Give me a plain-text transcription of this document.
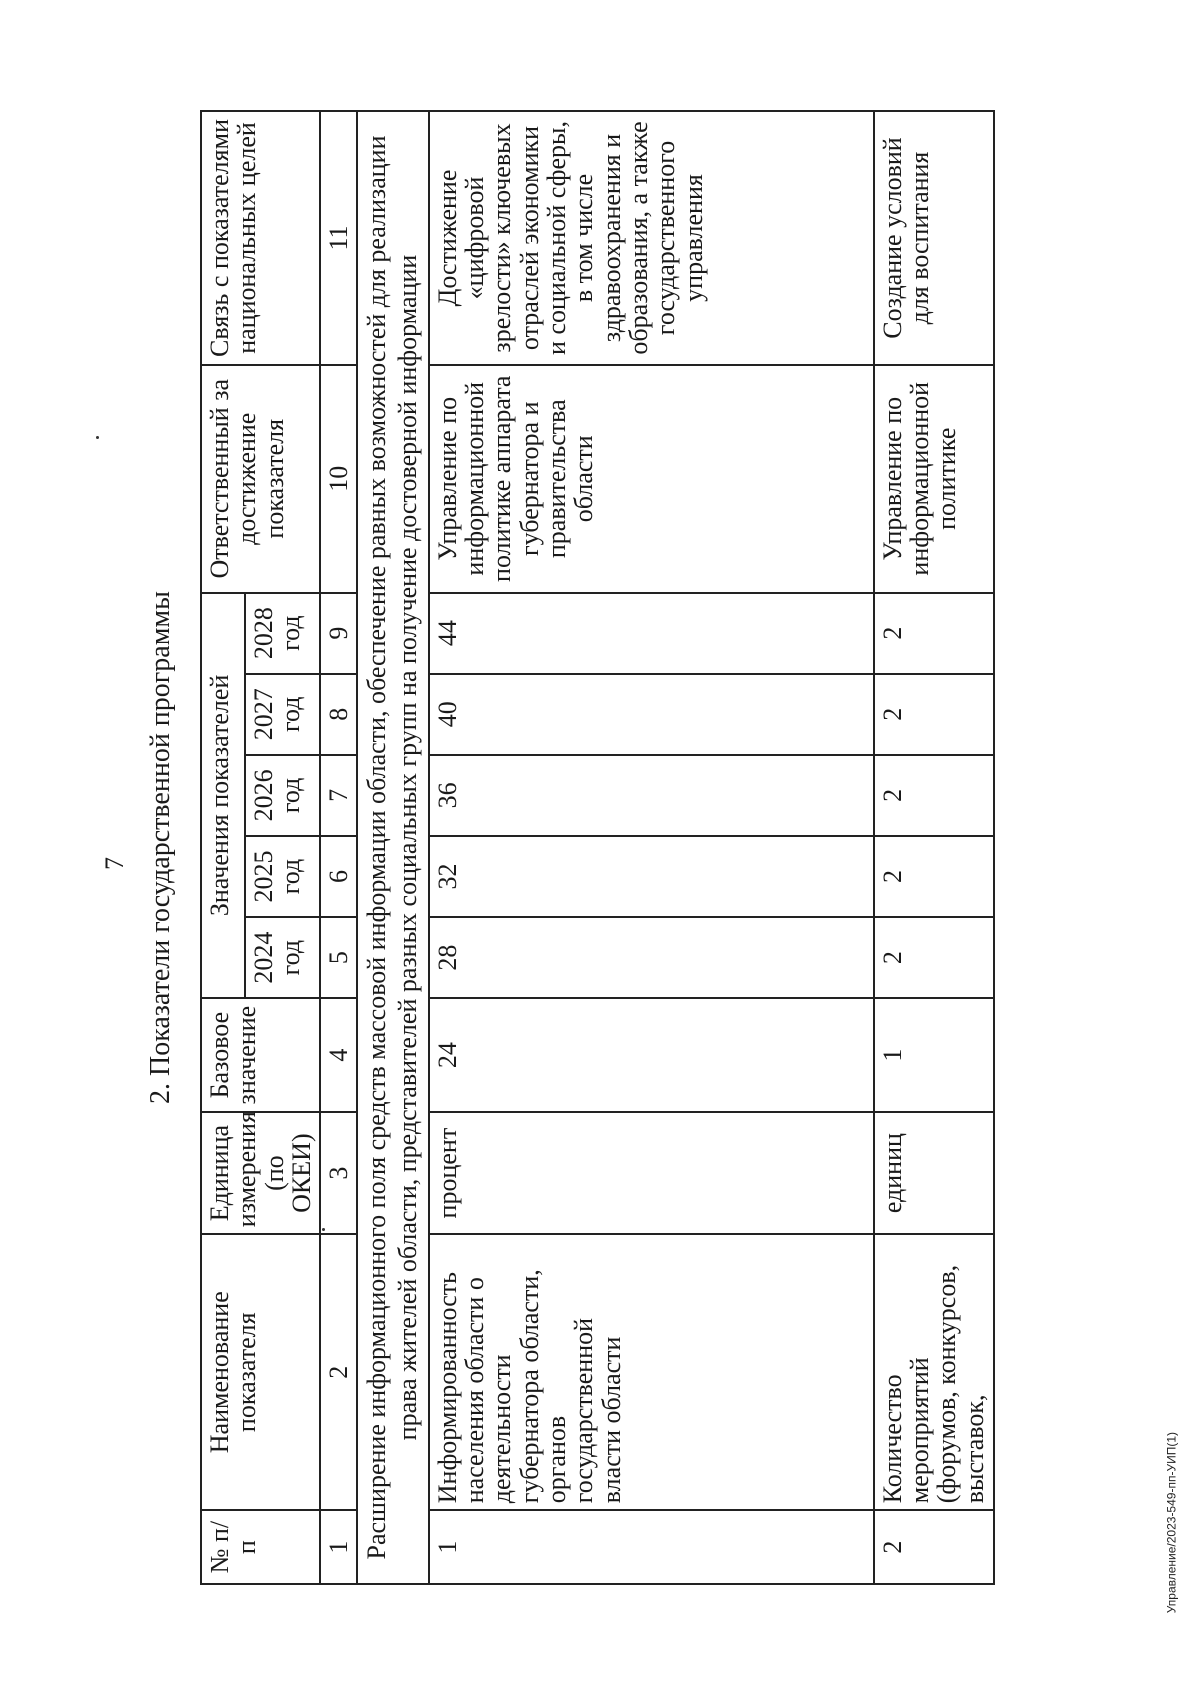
7 2. Показатели государственной программы
№ п/п	Наименование показателя	Единица измерения (по ОКЕИ)	Базовое значение	Значения показателей					Ответственный за достижение показателя	Связь с показателями национальных целей
				2024 год	2025 год	2026 год	2027 год	2028 год		
1	2	3	4	5	6	7	8	9	10	11
Расширение информационного поля средств массовой информации области, обеспечение равных возможностей для реализации права жителей области, представителей разных социальных групп на получение достоверной информации										
1	Информированность населения области о деятельности губернатора области, органов государственной власти области	процент	24	28	32	36	40	44	Управление по информационной политике аппарата губернатора и правительства области	Достижение «цифровой зрелости» ключевых отраслей экономики и социальной сферы, в том числе здравоохранения и образования, а также государственного управления
2	Количество мероприятий (форумов, конкурсов, выставок,	единиц	1	2	2	2	2	2	Управление по информационной политике	Создание условий для воспитания
Управление/2023-549-пп-УИП(1)
